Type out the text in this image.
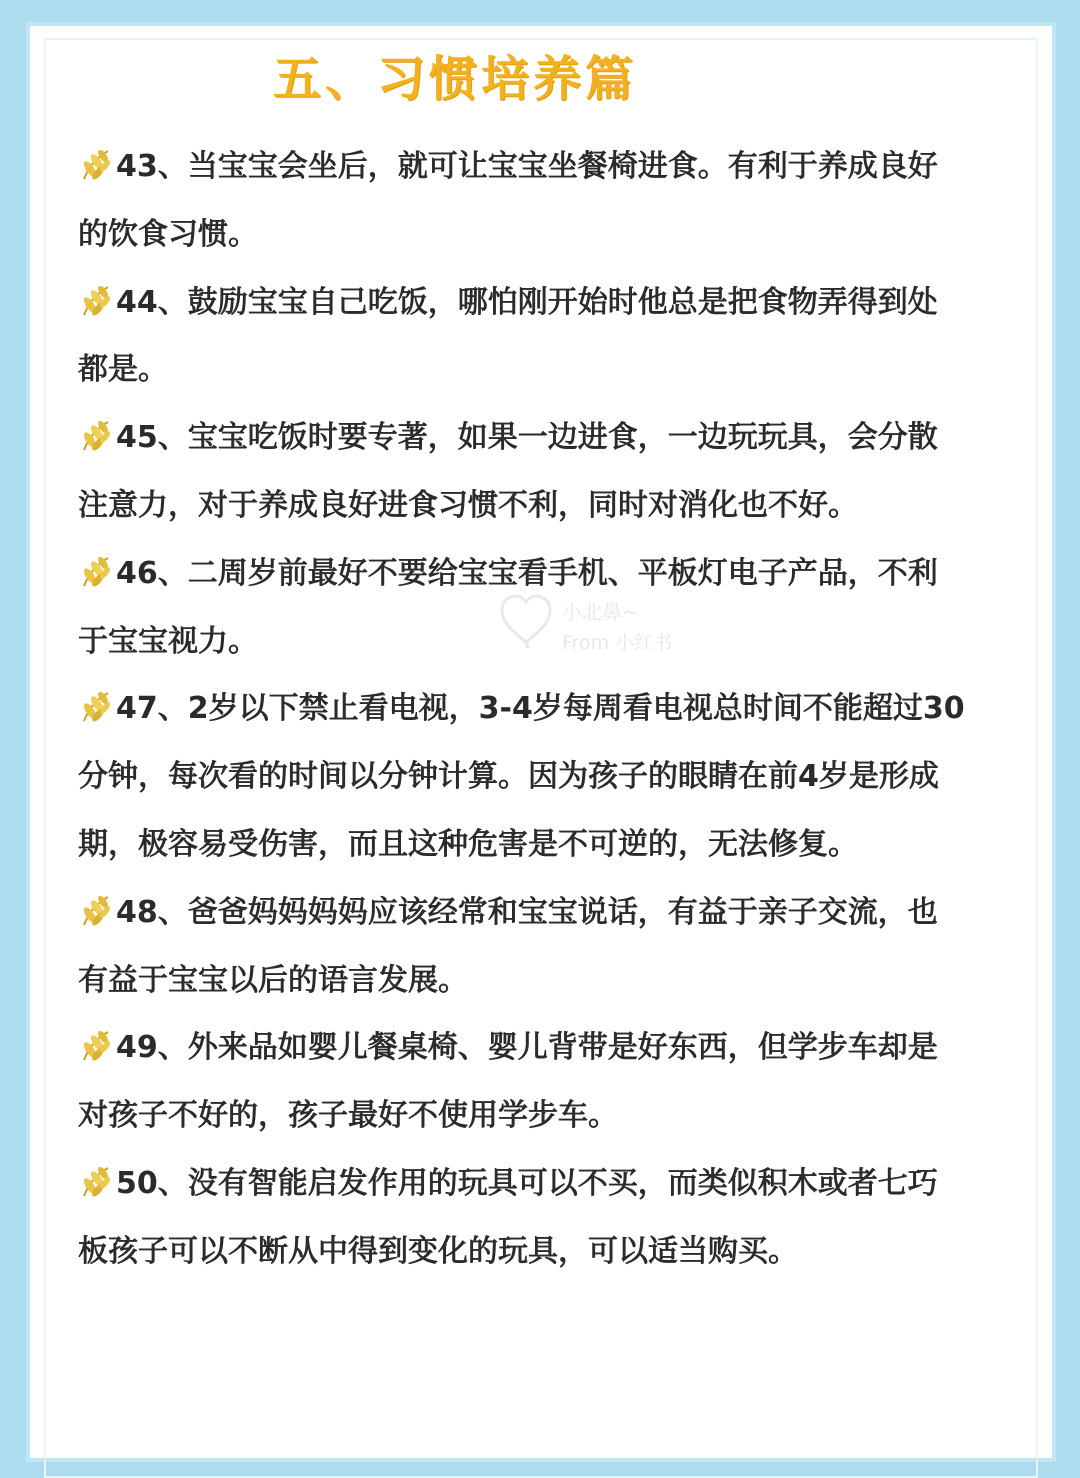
五、习惯培养篇
43、当宝宝会坐后，就可让宝宝坐餐椅进食。有利于养成良好
的饮食习惯。
44、鼓励宝宝自己吃饭，哪怕刚开始时他总是把食物弄得到处
都是。
45、宝宝吃饭时要专著，如果一边进食，一边玩玩具，会分散
注意力，对于养成良好进食习惯不利，同时对消化也不好。
46、二周岁前最好不要给宝宝看手机、平板灯电子产品，不利
于宝宝视力。
47、2岁以下禁止看电视，3-4岁每周看电视总时间不能超过30
分钟，每次看的时间以分钟计算。因为孩子的眼睛在前4岁是形成
期，极容易受伤害，而且这种危害是不可逆的，无法修复。
48、爸爸妈妈妈妈应该经常和宝宝说话，有益于亲子交流，也
有益于宝宝以后的语言发展。
49、外来品如婴儿餐桌椅、婴儿背带是好东西，但学步车却是
对孩子不好的，孩子最好不使用学步车。
50、没有智能启发作用的玩具可以不买，而类似积木或者七巧
板孩子可以不断从中得到变化的玩具，可以适当购买。
小北鼻~
From 小红书
